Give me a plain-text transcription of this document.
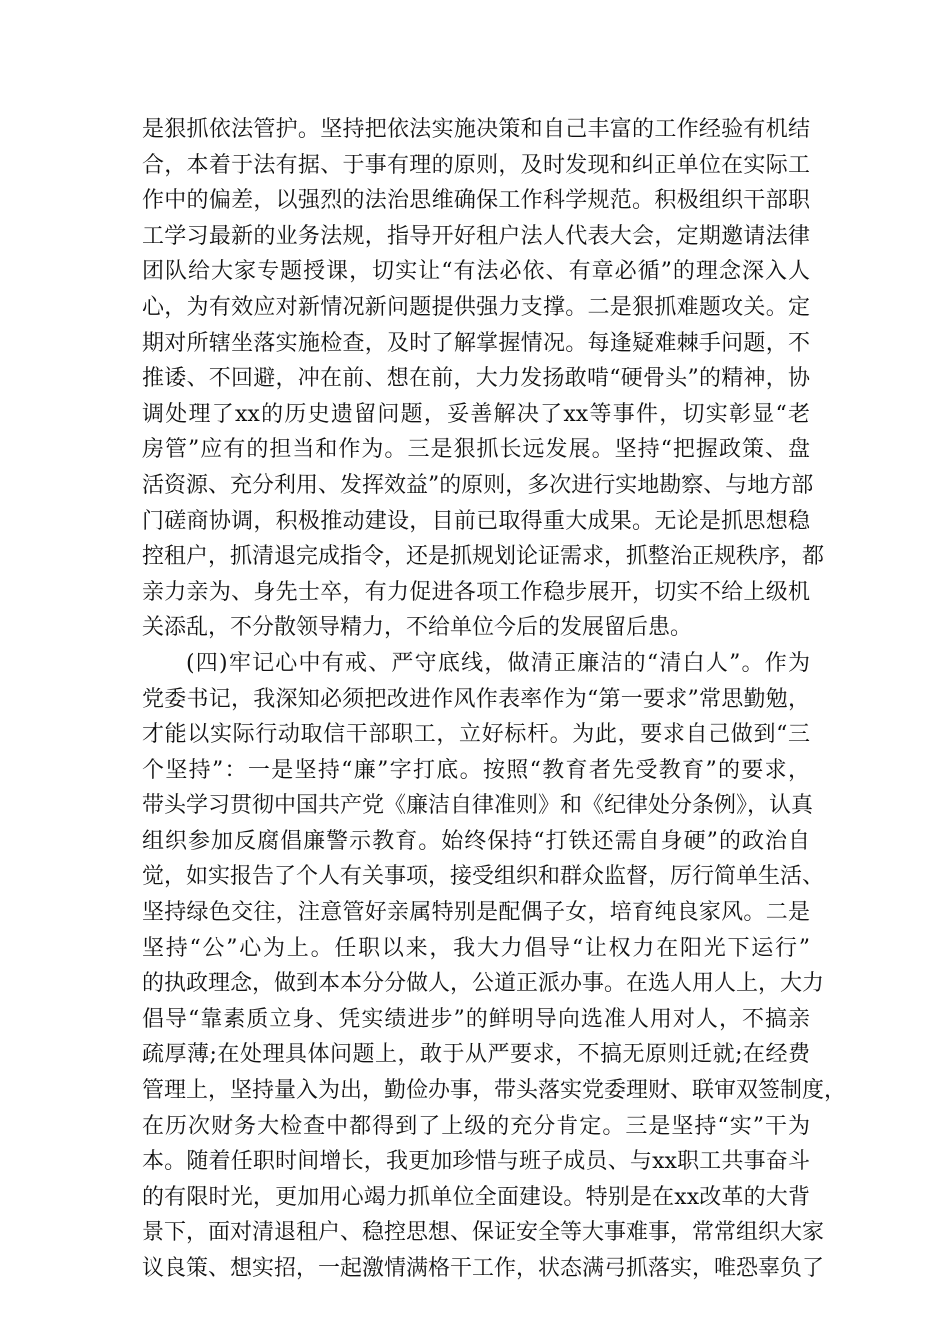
是狠抓依法管护。坚持把依法实施决策和自己丰富的工作经验有机结
合，本着于法有据、于事有理的原则，及时发现和纠正单位在实际工
作中的偏差，以强烈的法治思维确保工作科学规范。积极组织干部职
工学习最新的业务法规，指导开好租户法人代表大会，定期邀请法律
团队给大家专题授课，切实让“有法必依、有章必循”的理念深入人
心，为有效应对新情况新问题提供强力支撑。二是狠抓难题攻关。定
期对所辖坐落实施检查，及时了解掌握情况。每逢疑难棘手问题，不
推诿、不回避，冲在前、想在前，大力发扬敢啃“硬骨头”的精神，协
调处理了xx的历史遗留问题，妥善解决了xx等事件，切实彰显“老
房管”应有的担当和作为。三是狠抓长远发展。坚持“把握政策、盘
活资源、充分利用、发挥效益”的原则，多次进行实地勘察、与地方部
门磋商协调，积极推动建设，目前已取得重大成果。无论是抓思想稳
控租户，抓清退完成指令，还是抓规划论证需求，抓整治正规秩序，都
亲力亲为、身先士卒，有力促进各项工作稳步展开，切实不给上级机
关添乱，不分散领导精力，不给单位今后的发展留后患。
(四)牢记心中有戒、严守底线，做清正廉洁的“清白人”。作为
党委书记，我深知必须把改进作风作表率作为“第一要求”常思勤勉，
才能以实际行动取信干部职工，立好标杆。为此，要求自己做到“三
个坚持”：一是坚持“廉”字打底。按照“教育者先受教育”的要求，
带头学习贯彻中国共产党《廉洁自律准则》和《纪律处分条例》，认真
组织参加反腐倡廉警示教育。始终保持“打铁还需自身硬”的政治自
觉，如实报告了个人有关事项，接受组织和群众监督，厉行简单生活、
坚持绿色交往，注意管好亲属特别是配偶子女，培育纯良家风。二是
坚持“公”心为上。任职以来，我大力倡导“让权力在阳光下运行”
的执政理念，做到本本分分做人，公道正派办事。在选人用人上，大力
倡导“靠素质立身、凭实绩进步”的鲜明导向选准人用对人，不搞亲
疏厚薄;在处理具体问题上，敢于从严要求，不搞无原则迁就;在经费
管理上，坚持量入为出，勤俭办事，带头落实党委理财、联审双签制度，
在历次财务大检查中都得到了上级的充分肯定。三是坚持“实”干为
本。随着任职时间增长，我更加珍惜与班子成员、与xx职工共事奋斗
的有限时光，更加用心竭力抓单位全面建设。特别是在xx改革的大背
景下，面对清退租户、稳控思想、保证安全等大事难事，常常组织大家
议良策、想实招，一起激情满格干工作，状态满弓抓落实，唯恐辜负了
